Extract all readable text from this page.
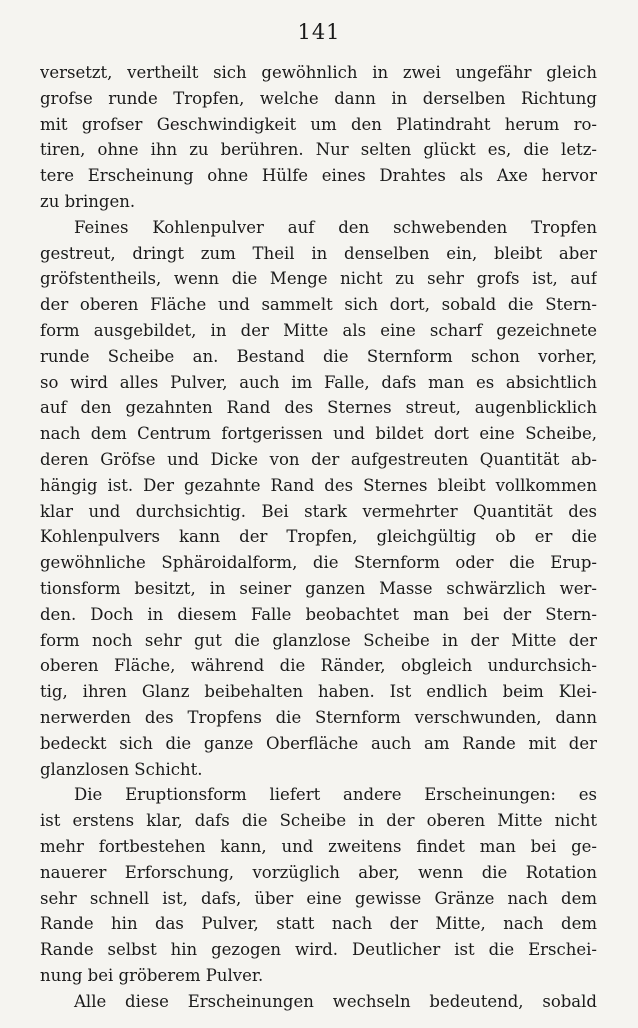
141
versetzt, vertheilt sich gewöhnlich in zwei ungefähr gleich
grofse runde Tropfen, welche dann in derselben Richtung
mit grofser Geschwindigkeit um den Platindraht herum ro-
tiren, ohne ihn zu berühren. Nur selten glückt es, die letz-
tere Erscheinung ohne Hülfe eines Drahtes als Axe hervor
zu bringen.
Feines Kohlenpulver auf den schwebenden Tropfen
gestreut, dringt zum Theil in denselben ein, bleibt aber
gröfstentheils, wenn die Menge nicht zu sehr grofs ist, auf
der oberen Fläche und sammelt sich dort, sobald die Stern-
form ausgebildet, in der Mitte als eine scharf gezeichnete
runde Scheibe an. Bestand die Sternform schon vorher,
so wird alles Pulver, auch im Falle, dafs man es absichtlich
auf den gezahnten Rand des Sternes streut, augenblicklich
nach dem Centrum fortgerissen und bildet dort eine Scheibe,
deren Gröfse und Dicke von der aufgestreuten Quantität ab-
hängig ist. Der gezahnte Rand des Sternes bleibt vollkommen
klar und durchsichtig. Bei stark vermehrter Quantität des
Kohlenpulvers kann der Tropfen, gleichgültig ob er die
gewöhnliche Sphäroidalform, die Sternform oder die Erup-
tionsform besitzt, in seiner ganzen Masse schwärzlich wer-
den. Doch in diesem Falle beobachtet man bei der Stern-
form noch sehr gut die glanzlose Scheibe in der Mitte der
oberen Fläche, während die Ränder, obgleich undurchsich-
tig, ihren Glanz beibehalten haben. Ist endlich beim Klei-
nerwerden des Tropfens die Sternform verschwunden, dann
bedeckt sich die ganze Oberfläche auch am Rande mit der
glanzlosen Schicht.
Die Eruptionsform liefert andere Erscheinungen: es
ist erstens klar, dafs die Scheibe in der oberen Mitte nicht
mehr fortbestehen kann, und zweitens findet man bei ge-
nauerer Erforschung, vorzüglich aber, wenn die Rotation
sehr schnell ist, dafs, über eine gewisse Gränze nach dem
Rande hin das Pulver, statt nach der Mitte, nach dem
Rande selbst hin gezogen wird. Deutlicher ist die Erschei-
nung bei gröberem Pulver.
Alle diese Erscheinungen wechseln bedeutend, sobald
